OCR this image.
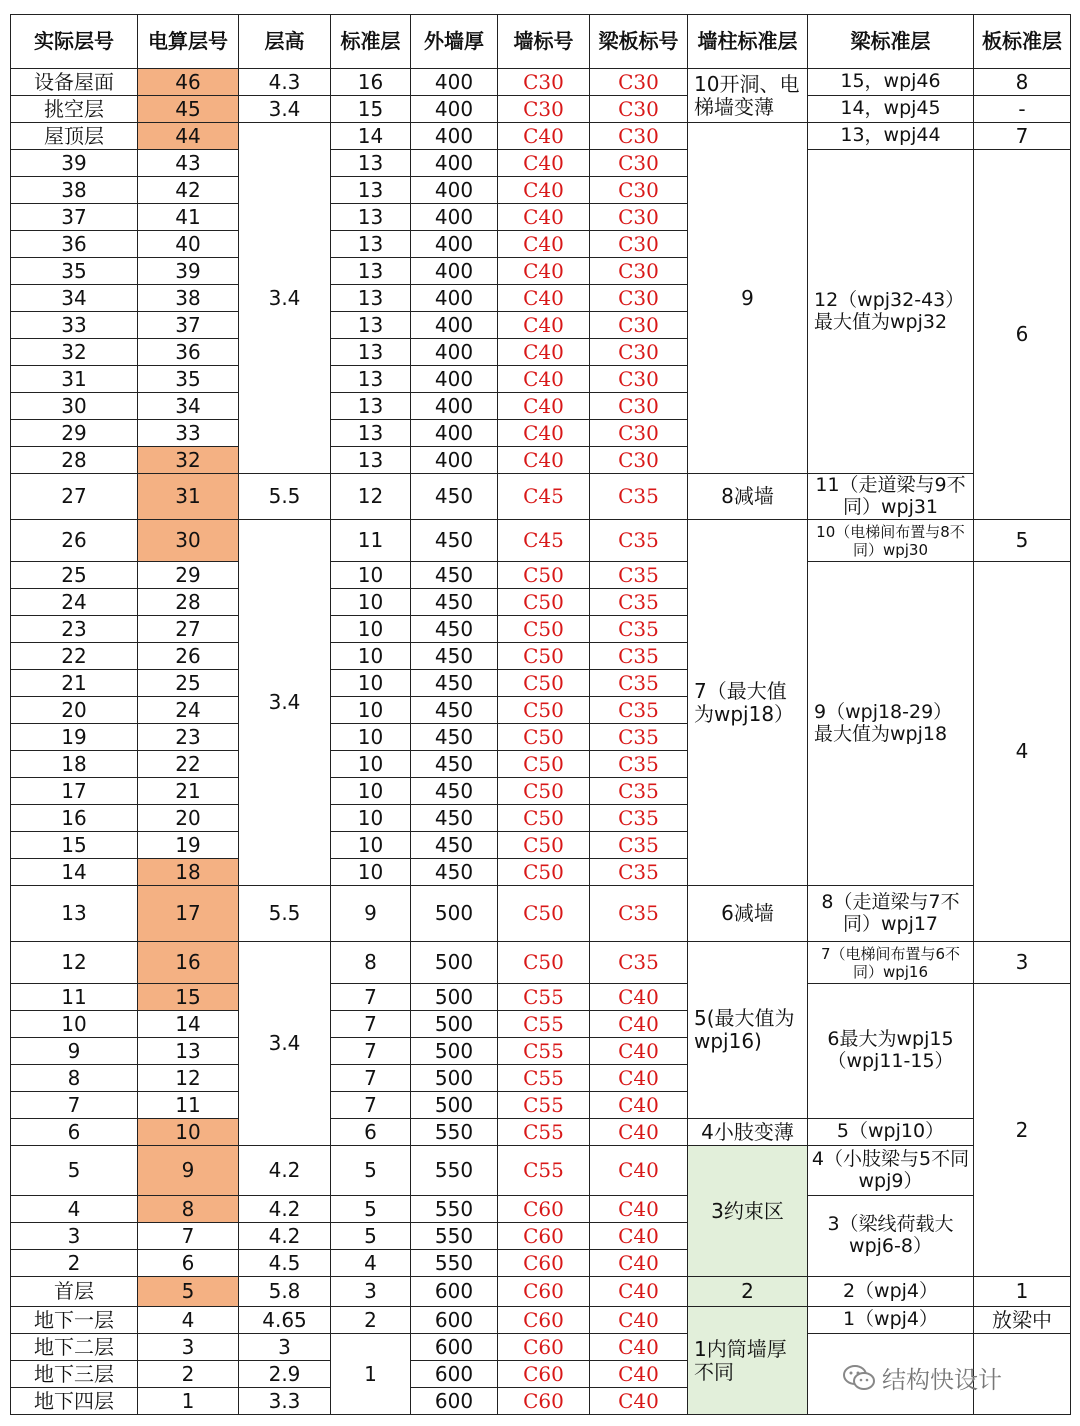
实际层号	电算层号	层高	标准层	外墙厚	墙标号	梁板标号	墙柱标准层	梁标准层	板标准层
设备屋面	46	4.3	16	400	C30	C30	10开洞、电梯墙变薄	15，wpj46	8
挑空层	45	3.4	15	400	C30	C30		14，wpj45	-
屋顶层	44	3.4	14	400	C40	C30	9	13，wpj44	7
39	43		13	400	C40	C30		12（wpj32-43）最大值为wpj32	6
38	42		13	400	C40	C30			
37	41		13	400	C40	C30			
36	40		13	400	C40	C30			
35	39		13	400	C40	C30			
34	38		13	400	C40	C30			
33	37		13	400	C40	C30			
32	36		13	400	C40	C30			
31	35		13	400	C40	C30			
30	34		13	400	C40	C30			
29	33		13	400	C40	C30			
28	32		13	400	C40	C30			
27	31	5.5	12	450	C45	C35	8减墙	11（走道梁与9不同）wpj31	
26	30	3.4	11	450	C45	C35	7（最大值为wpj18）	10（电梯间布置与8不同）wpj30	5
25	29		10	450	C50	C35		9（wpj18-29）最大值为wpj18	4
24	28		10	450	C50	C35			
23	27		10	450	C50	C35			
22	26		10	450	C50	C35			
21	25		10	450	C50	C35			
20	24		10	450	C50	C35			
19	23		10	450	C50	C35			
18	22		10	450	C50	C35			
17	21		10	450	C50	C35			
16	20		10	450	C50	C35			
15	19		10	450	C50	C35			
14	18		10	450	C50	C35			
13	17	5.5	9	500	C50	C35	6减墙	8（走道梁与7不同）wpj17	
12	16	3.4	8	500	C50	C35	5(最大值为wpj16)	7（电梯间布置与6不同）wpj16	3
11	15		7	500	C55	C40		6最大为wpj15（wpj11-15）	2
10	14		7	500	C55	C40			
9	13		7	500	C55	C40			
8	12		7	500	C55	C40			
7	11		7	500	C55	C40			
6	10		6	550	C55	C40	4小肢变薄	5（wpj10）	
5	9	4.2	5	550	C55	C40	3约束区	4（小肢梁与5不同wpj9）	
4	8	4.2	5	550	C60	C40		3（梁线荷载大wpj6-8）	
3	7	4.2	5	550	C60	C40			
2	6	4.5	4	550	C60	C40			
首层	5	5.8	3	600	C60	C40	2	2（wpj4）	1
地下一层	4	4.65	2	600	C60	C40	1内筒墙厚不同	1（wpj4）	放梁中
地下二层	3	3	1	600	C60	C40			
地下三层	2	2.9		600	C60	C40			
地下四层	1	3.3		600	C60	C40			
结构快设计
